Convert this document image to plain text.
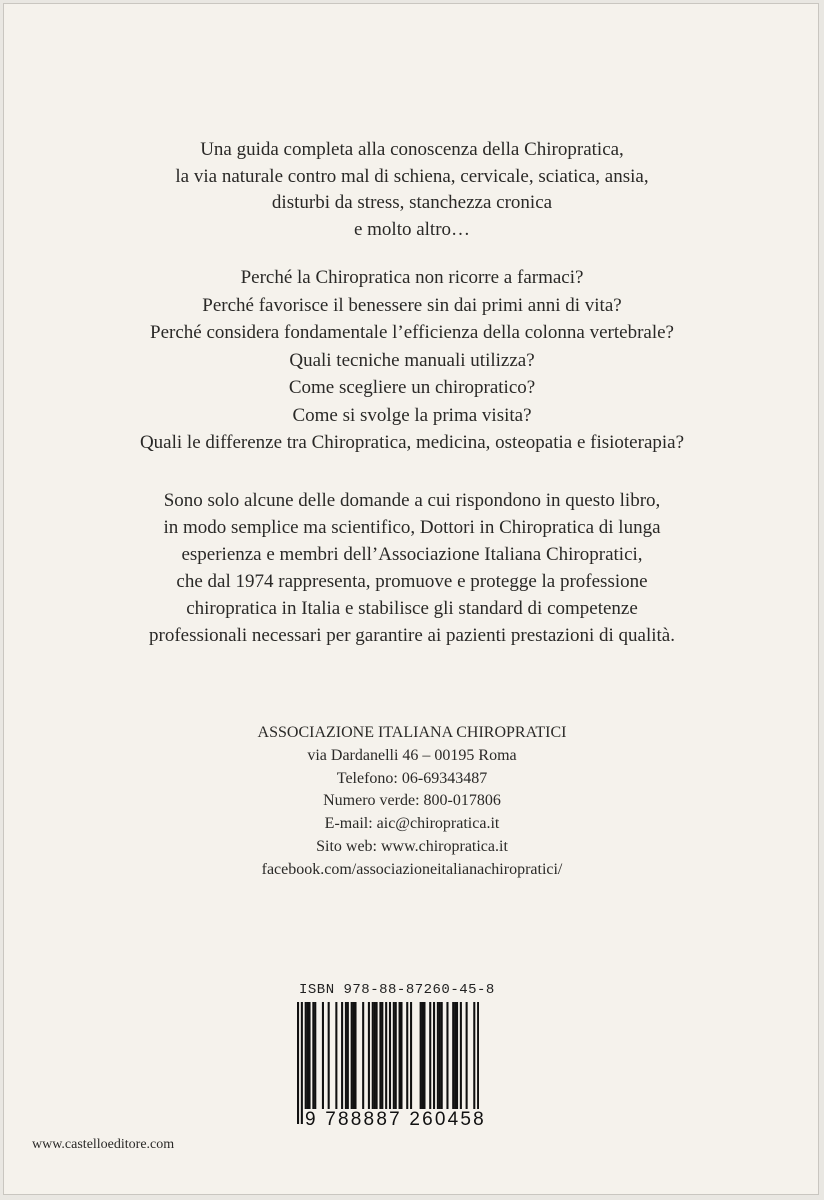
Una guida completa alla conoscenza della Chiropratica,

la via naturale contro mal di schiena, cervicale, sciatica, ansia,

disturbi da stress, stanchezza cronica

e molto altro…

Perché la Chiropratica non ricorre a farmaci?

Perché favorisce il benessere sin dai primi anni di vita?

Perché considera fondamentale l’efficienza della colonna vertebrale?

Quali tecniche manuali utilizza?

Come scegliere un chiropratico?

Come si svolge la prima visita?

Quali le differenze tra Chiropratica, medicina, osteopatia e fisioterapia?

Sono solo alcune delle domande a cui rispondono in questo libro,

in modo semplice ma scientifico, Dottori in Chiropratica di lunga

esperienza e membri dell’Associazione Italiana Chiropratici,

che dal 1974 rappresenta, promuove e protegge la professione

chiropratica in Italia e stabilisce gli standard di competenze

professionali necessari per garantire ai pazienti prestazioni di qualità.

ASSOCIAZIONE ITALIANA CHIROPRATICI

via Dardanelli 46 – 00195 Roma

Telefono: 06-69343487

Numero verde: 800-017806

E-mail: aic@chiropratica.it

Sito web: www.chiropratica.it

facebook.com/associazioneitalianachiropratici/

ISBN 978-88-87260-45-8
9 788887 260458
www.castelloeditore.com
